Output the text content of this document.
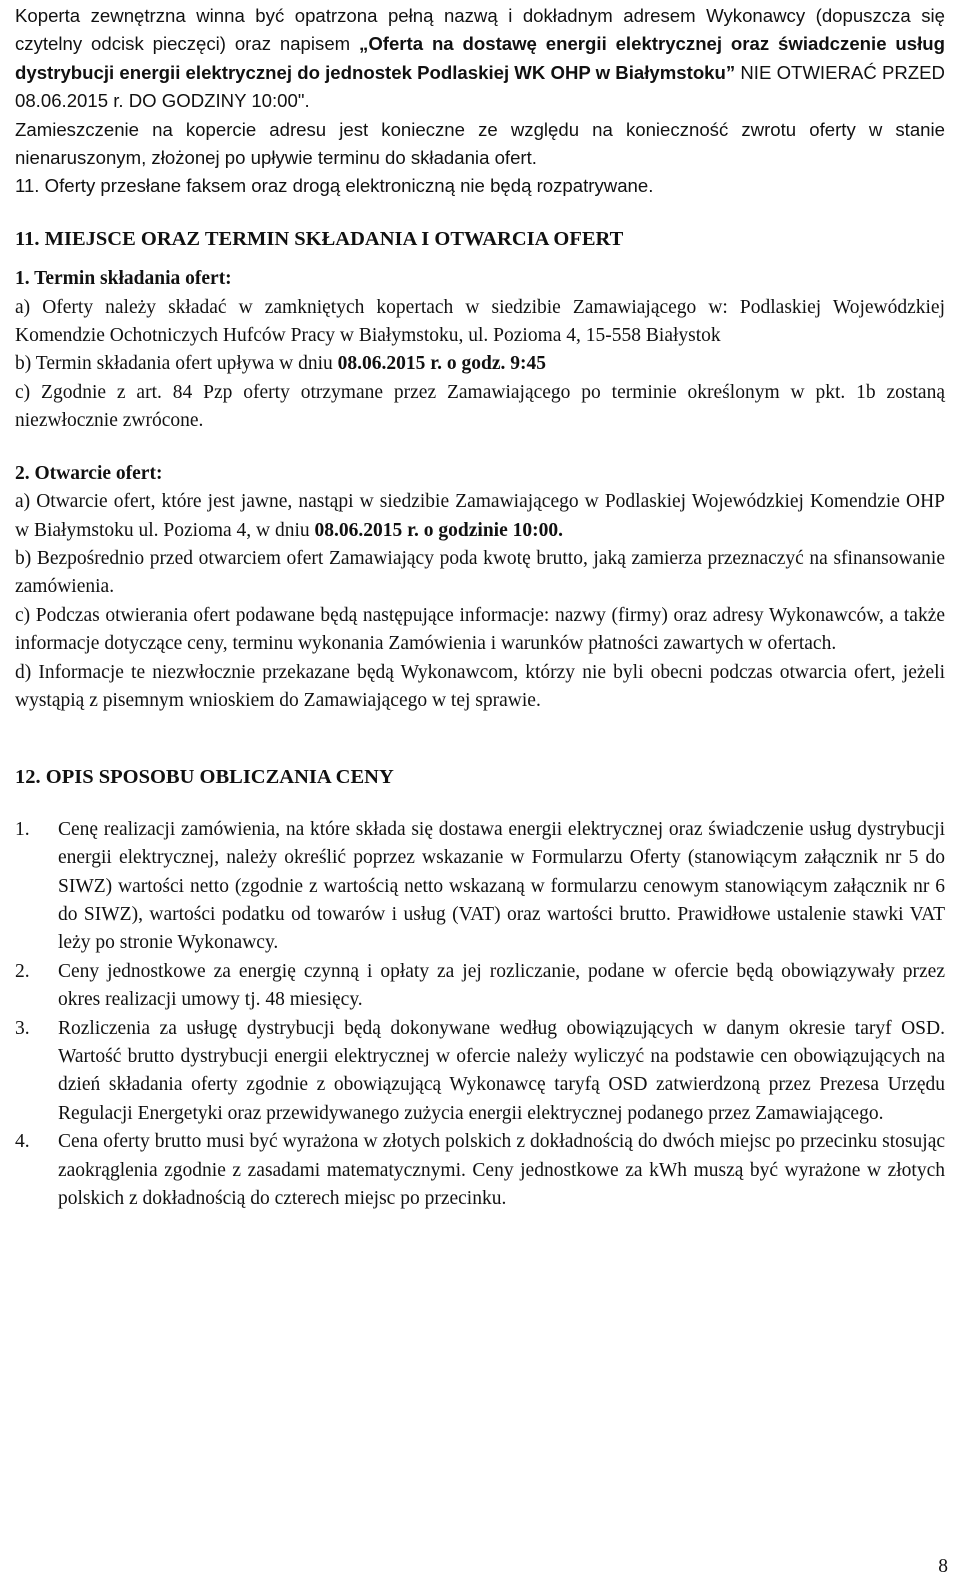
Koperta zewnętrzna winna być opatrzona pełną nazwą i dokładnym adresem Wykonawcy (dopuszcza się czytelny odcisk pieczęci) oraz napisem „Oferta na dostawę energii elektrycznej oraz świadczenie usług dystrybucji energii elektrycznej do jednostek Podlaskiej WK OHP w Białymstoku” NIE OTWIERAĆ PRZED 08.06.2015 r. DO GODZINY 10:00".

Zamieszczenie na kopercie adresu jest konieczne ze względu na konieczność zwrotu oferty w stanie nienaruszonym, złożonej po upływie terminu do składania ofert.

11. Oferty przesłane faksem oraz drogą elektroniczną nie będą rozpatrywane.

11. MIEJSCE ORAZ TERMIN SKŁADANIA I OTWARCIA OFERT

1. Termin składania ofert:

a) Oferty należy składać w zamkniętych kopertach w siedzibie Zamawiającego w: Podlaskiej Wojewódzkiej Komendzie Ochotniczych Hufców Pracy w Białymstoku, ul. Pozioma 4, 15-558 Białystok

b) Termin składania ofert upływa w dniu 08.06.2015 r. o godz. 9:45

c) Zgodnie z art. 84 Pzp oferty otrzymane przez Zamawiającego po terminie określonym w pkt. 1b zostaną niezwłocznie zwrócone.

2. Otwarcie ofert:

a) Otwarcie ofert, które jest jawne, nastąpi w siedzibie Zamawiającego w Podlaskiej Wojewódzkiej Komendzie OHP w Białymstoku ul. Pozioma 4, w dniu 08.06.2015 r. o godzinie 10:00.

b) Bezpośrednio przed otwarciem ofert Zamawiający poda kwotę brutto, jaką zamierza przeznaczyć na sfinansowanie zamówienia.

c) Podczas otwierania ofert podawane będą następujące informacje: nazwy (firmy) oraz adresy Wykonawców, a także informacje dotyczące ceny, terminu wykonania Zamówienia i warunków płatności zawartych w ofertach.

d) Informacje te niezwłocznie przekazane będą Wykonawcom, którzy nie byli obecni podczas otwarcia ofert, jeżeli wystąpią z pisemnym wnioskiem do Zamawiającego w tej sprawie.

12. OPIS SPOSOBU OBLICZANIA CENY

1. Cenę realizacji zamówienia, na które składa się dostawa energii elektrycznej oraz świadczenie usług dystrybucji energii elektrycznej, należy określić poprzez wskazanie w Formularzu Oferty (stanowiącym załącznik nr 5 do SIWZ) wartości netto (zgodnie z wartością netto wskazaną w formularzu cenowym stanowiącym załącznik nr 6 do SIWZ), wartości podatku od towarów i usług (VAT) oraz wartości brutto. Prawidłowe ustalenie stawki VAT leży po stronie Wykonawcy.
2. Ceny jednostkowe za energię czynną i opłaty za jej rozliczanie, podane w ofercie będą obowiązywały przez okres realizacji umowy tj. 48 miesięcy.
3. Rozliczenia za usługę dystrybucji będą dokonywane według obowiązujących w danym okresie taryf OSD. Wartość brutto dystrybucji energii elektrycznej w ofercie należy wyliczyć na podstawie cen obowiązujących na dzień składania oferty zgodnie z obowiązującą Wykonawcę taryfą OSD zatwierdzoną przez Prezesa Urzędu Regulacji Energetyki oraz przewidywanego zużycia energii elektrycznej podanego przez Zamawiającego.
4. Cena oferty brutto musi być wyrażona w złotych polskich z dokładnością do dwóch miejsc po przecinku stosując zaokrąglenia zgodnie z zasadami matematycznymi. Ceny jednostkowe za kWh muszą być wyrażone w złotych polskich z dokładnością do czterech miejsc po przecinku.
8
